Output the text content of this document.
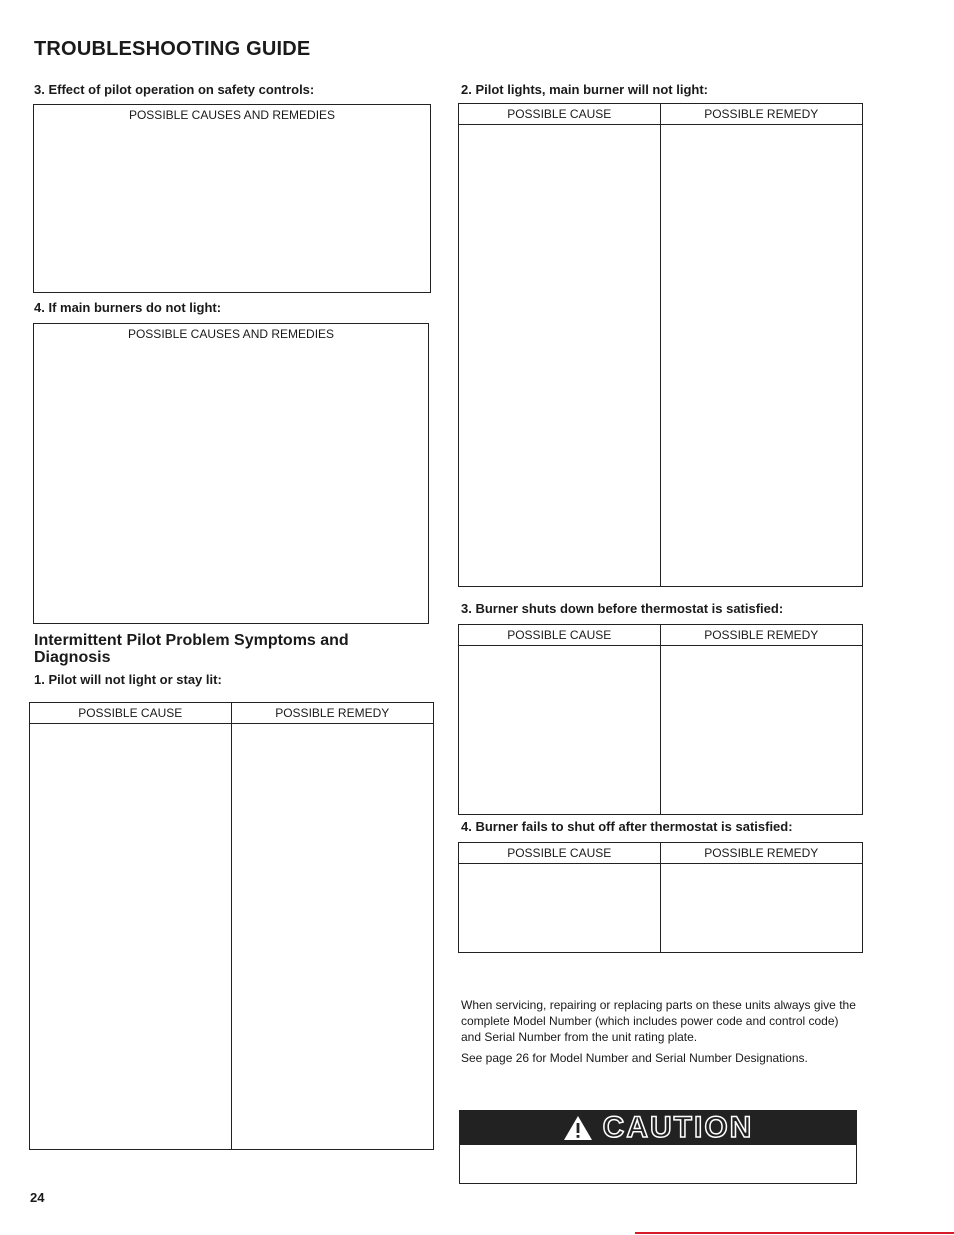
TROUBLESHOOTING GUIDE
3. Effect of pilot operation on safety controls:
POSSIBLE CAUSES AND REMEDIES
4. If main burners do not light:
POSSIBLE CAUSES AND REMEDIES
Intermittent Pilot Problem Symptoms and Diagnosis
1. Pilot will not light or stay lit:
POSSIBLE CAUSE	POSSIBLE REMEDY
2. Pilot lights, main burner will not light:
POSSIBLE CAUSE	POSSIBLE REMEDY
3. Burner shuts down before thermostat is satisfied:
POSSIBLE CAUSE	POSSIBLE REMEDY
4. Burner fails to shut off after thermostat is satisfied:
POSSIBLE CAUSE	POSSIBLE REMEDY
When servicing, repairing or replacing parts on these units always give the complete Model Number (which includes power code and control code) and Serial Number from the unit rating plate.
See page 26 for Model Number and Serial Number Designations.
CAUTION
24
